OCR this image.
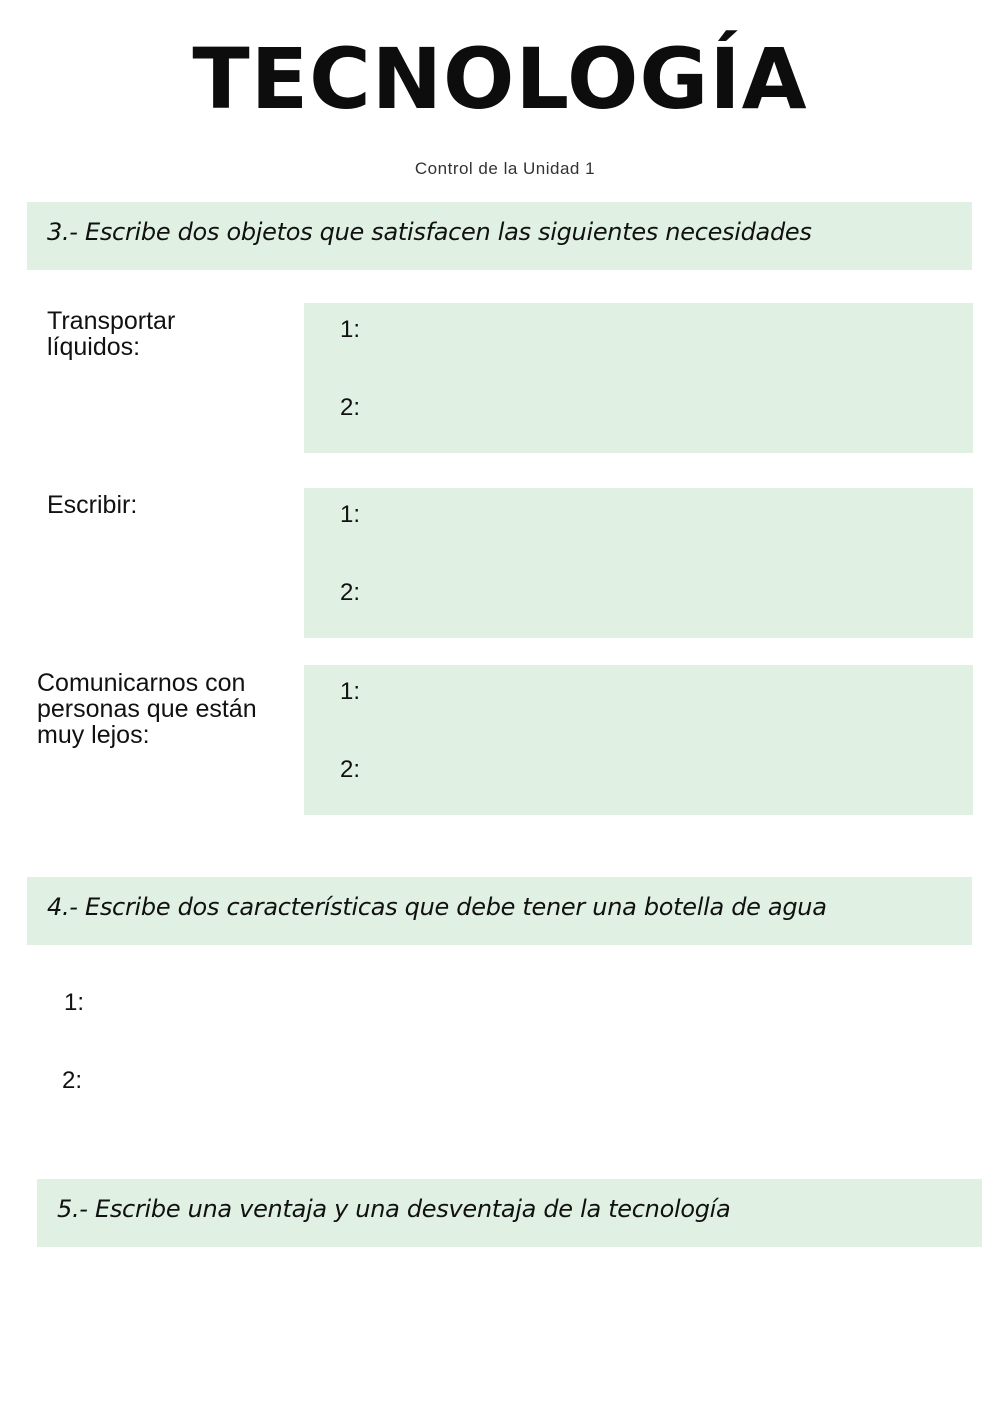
TECNOLOGÍA
Control de la Unidad 1
3.- Escribe dos objetos que satisfacen las siguientes necesidades
Transportar
líquidos:
1:
2:
Escribir:	1:
2:
Comunicarnos con
personas que están
muy lejos:
1:
2:
4.- Escribe dos características que debe tener una botella de agua
1:
2:
5.- Escribe una ventaja y una desventaja de la tecnología
